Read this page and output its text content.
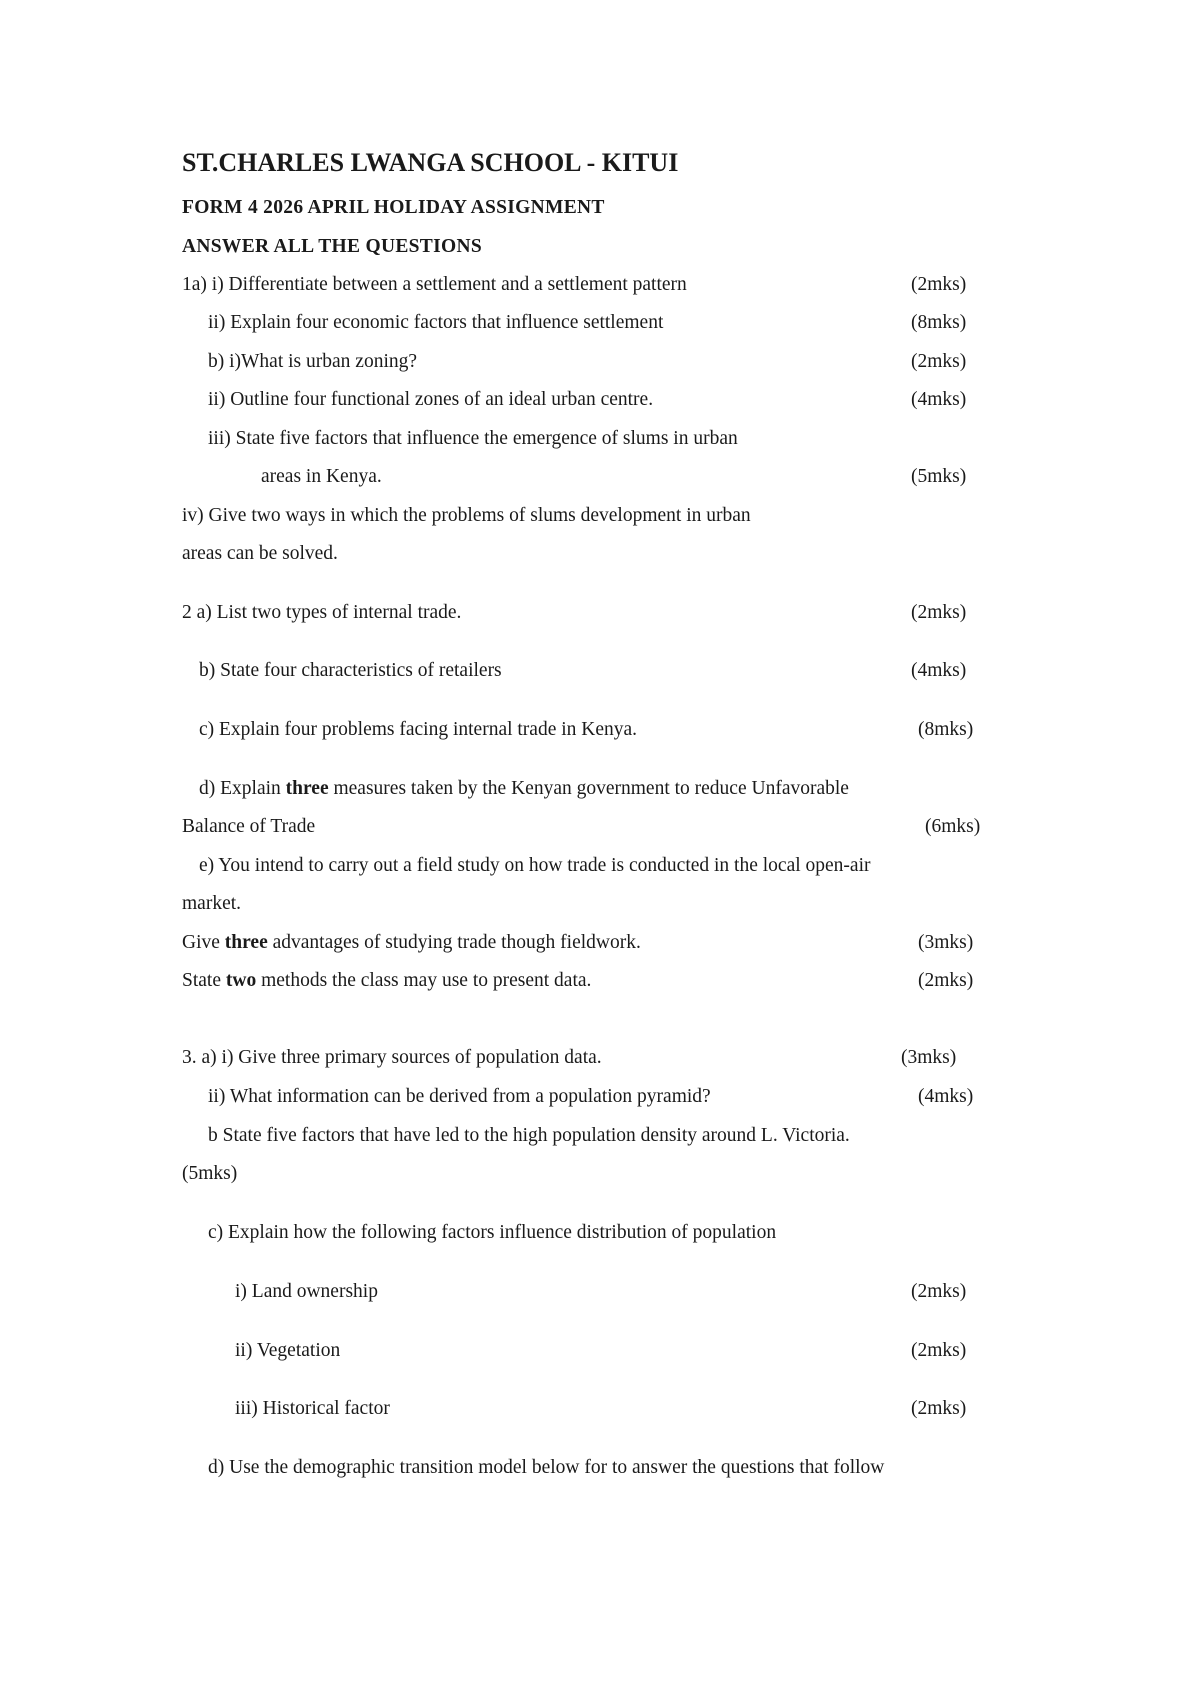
ST.CHARLES LWANGA SCHOOL - KITUI
FORM 4 2026 APRIL HOLIDAY ASSIGNMENT
ANSWER ALL THE QUESTIONS
1a) i) Differentiate between a settlement and a settlement pattern	(2mks)
ii) Explain four economic factors that influence settlement	(8mks)
b) i)What is urban zoning?	(2mks)
ii) Outline four functional zones of an ideal urban centre.	(4mks)
iii) State five factors that influence the emergence of slums in urban
areas in Kenya.	(5mks)
iv) Give two ways in which the problems of slums development in urban
areas can be solved.
2 a) List two types of internal trade.	(2mks)
b) State four characteristics of retailers	(4mks)
c) Explain four problems facing internal trade in Kenya.	(8mks)
d) Explain three measures taken by the Kenyan government to reduce Unfavorable
Balance of Trade	(6mks)
e) You intend to carry out a field study on how trade is conducted in the local open-air
market.
Give three advantages of studying trade though fieldwork.	(3mks)
State two methods the class may use to present data.	(2mks)
3. a) i) Give three primary sources of population data.	(3mks)
ii) What information can be derived from a population pyramid?	(4mks)
b State five factors that have led to the high population density around L. Victoria.
(5mks)
c) Explain how the following factors influence distribution of population
i) Land ownership	(2mks)
ii) Vegetation	(2mks)
iii) Historical factor	(2mks)
d) Use the demographic transition model below for to answer the questions that follow
